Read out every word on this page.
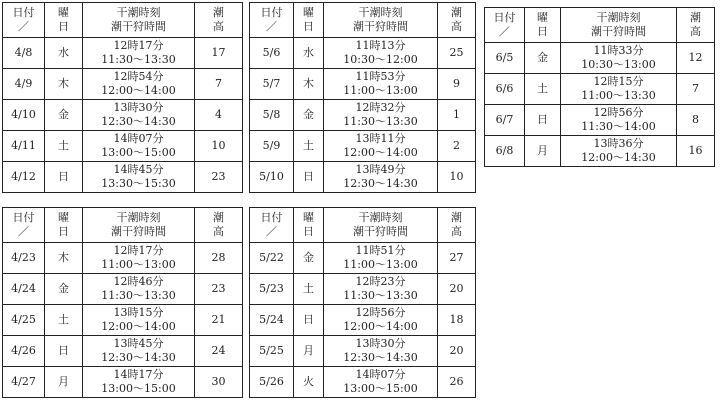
日付
／	曜
日	干潮時刻
潮干狩時間	潮
高

4/8	水	12時17分
11:30～13:30	17
4/9	木	12時54分
12:00～14:00	7
4/10	金	13時30分
12:30～14:30	4
4/11	土	14時07分
13:00～15:00	10
4/12	日	14時45分
13:30～15:30	23
日付
／	曜
日	干潮時刻
潮干狩時間	潮
高

5/6	水	11時13分
10:30～12:00	25
5/7	木	11時53分
11:00～13:00	9
5/8	金	12時32分
11:30～13:30	1
5/9	土	13時11分
12:00～14:00	2
5/10	日	13時49分
12:30～14:30	10
日付
／	曜
日	干潮時刻
潮干狩時間	潮
高

6/5	金	11時33分
10:30～13:00	12
6/6	土	12時15分
11:00～13:30	7
6/7	日	12時56分
11:30～14:00	8
6/8	月	13時36分
12:00～14:30	16
日付
／	曜
日	干潮時刻
潮干狩時間	潮
高

4/23	木	12時17分
11:00～13:00	28
4/24	金	12時46分
11:30～13:30	23
4/25	土	13時15分
12:00～14:00	21
4/26	日	13時45分
12:30～14:30	24
4/27	月	14時17分
13:00～15:00	30
日付
／	曜
日	干潮時刻
潮干狩時間	潮
高

5/22	金	11時51分
11:00～13:00	27
5/23	土	12時23分
11:30～13:30	20
5/24	日	12時56分
12:00～14:00	18
5/25	月	13時30分
12:30～14:30	20
5/26	火	14時07分
13:00～15:00	26
